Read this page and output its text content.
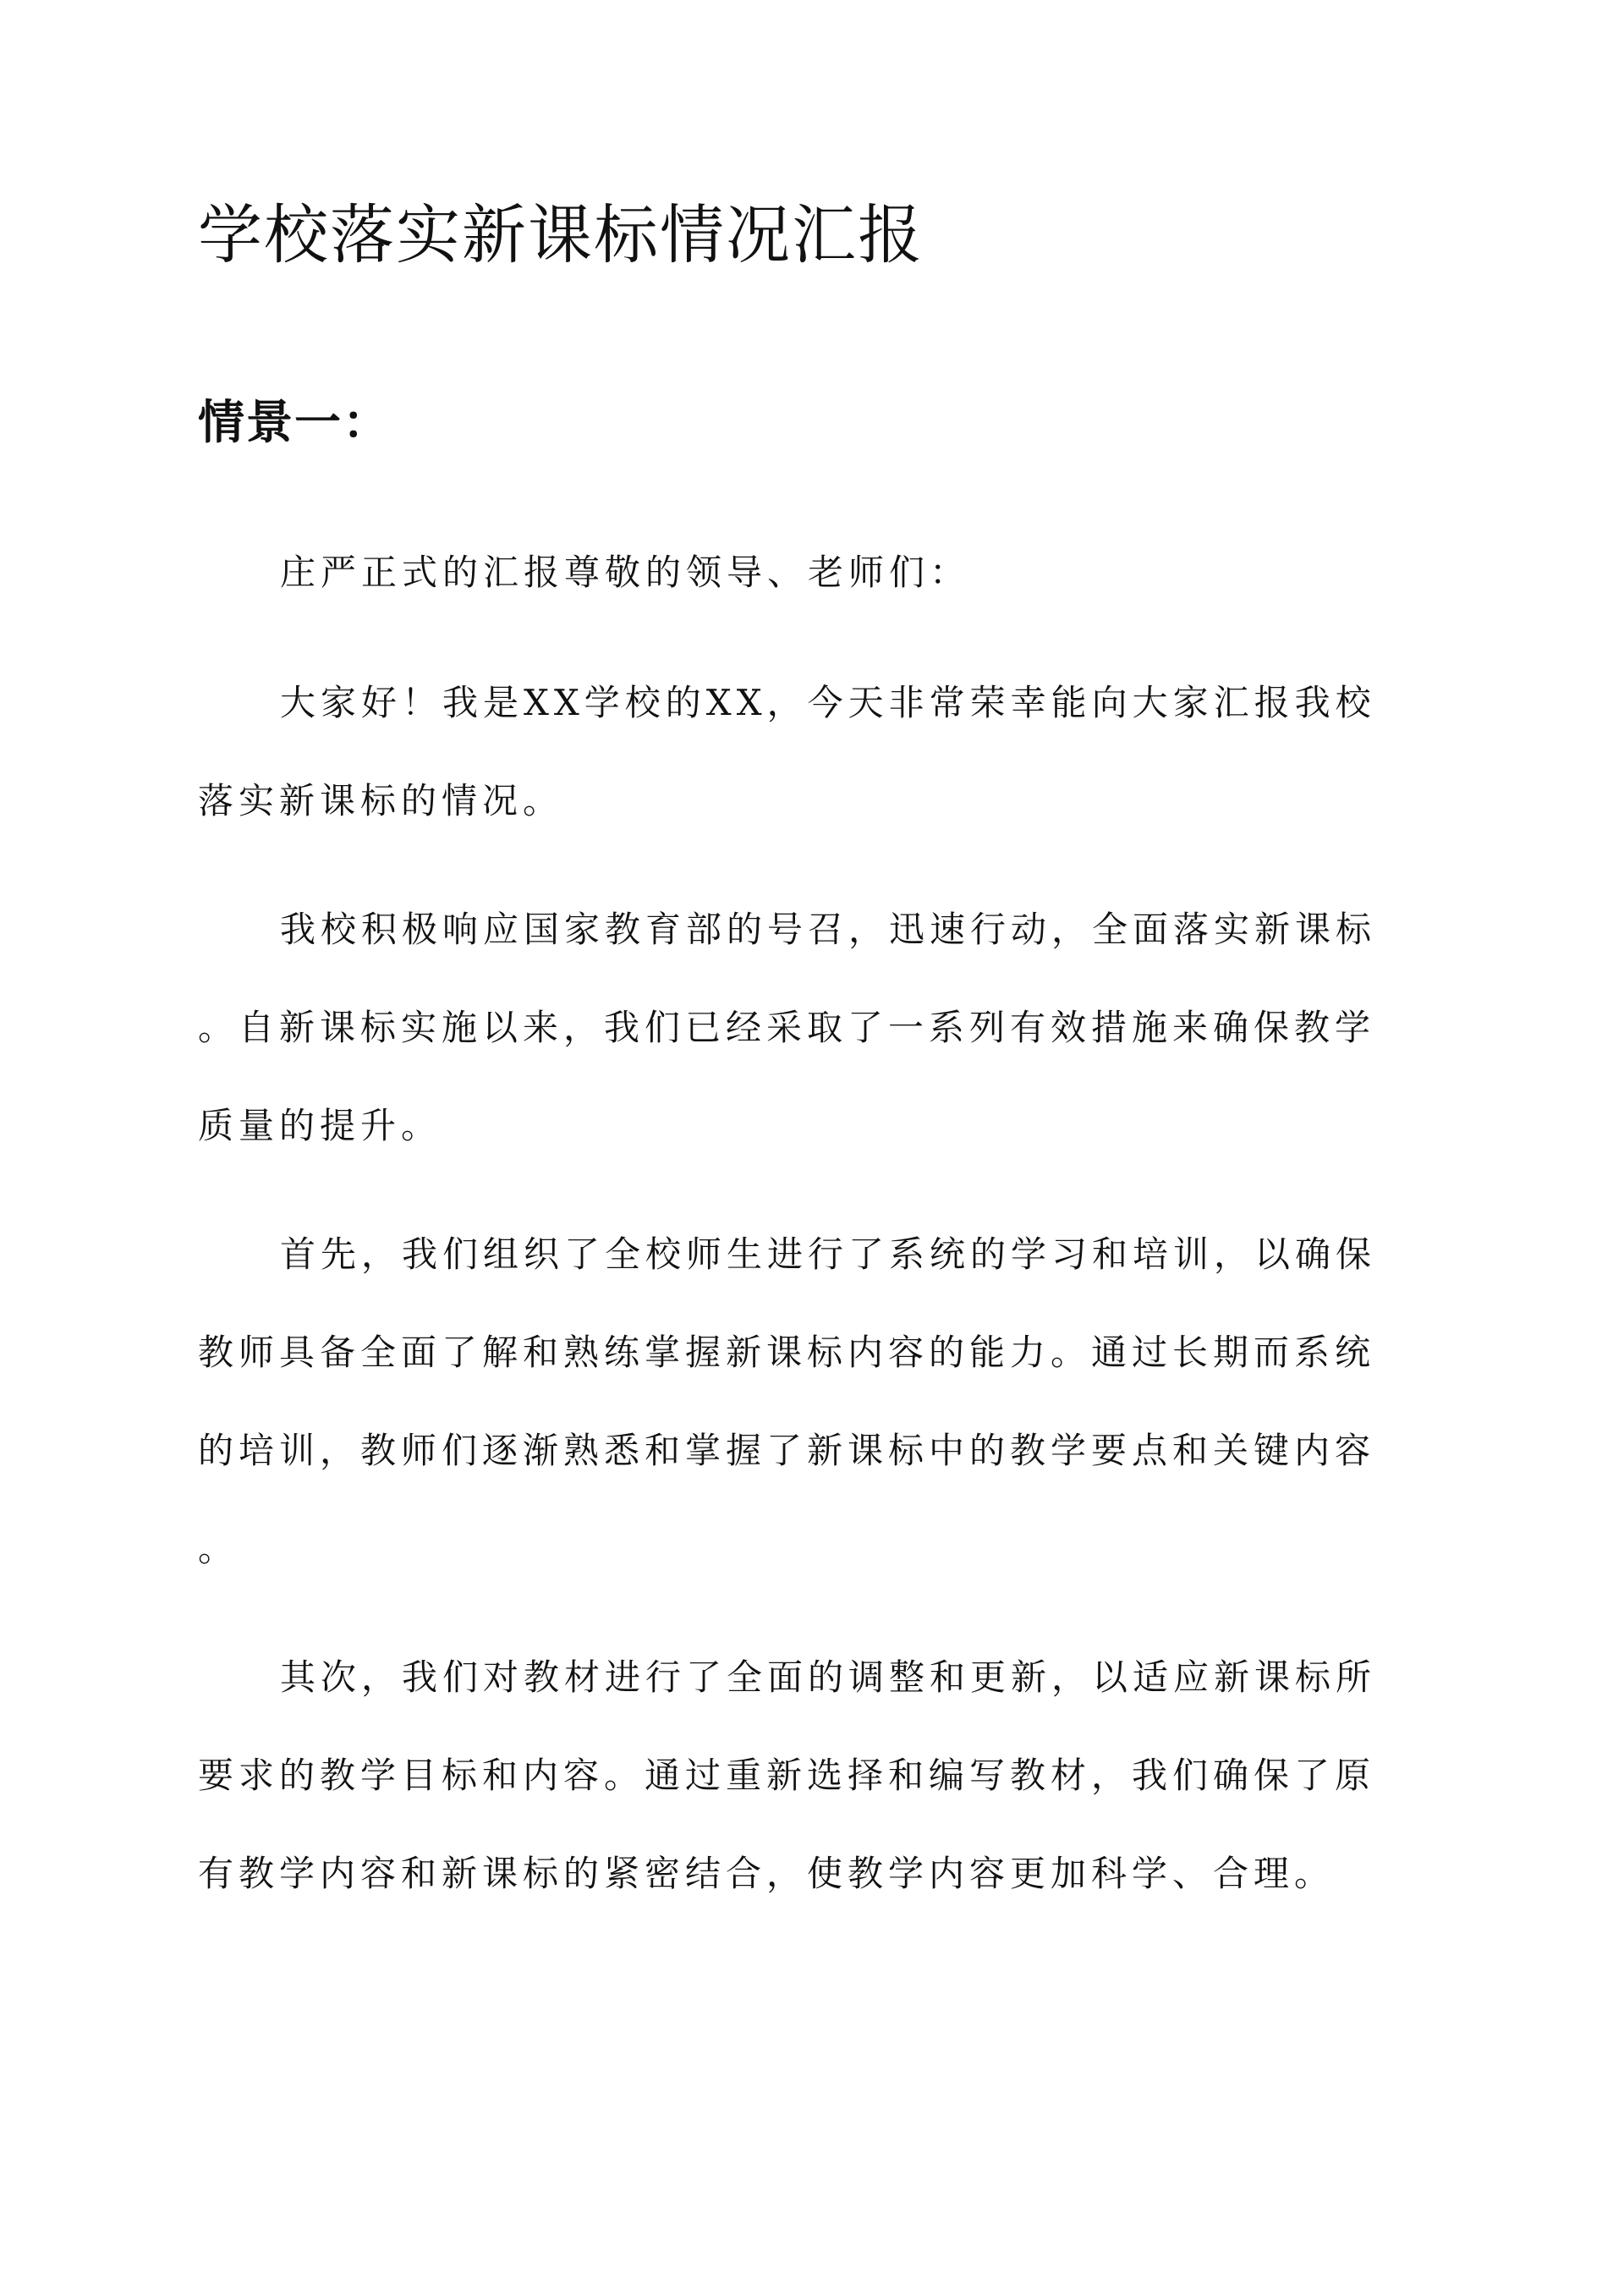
学校落实新课标情况汇报
情景一：

庄严正式的汇报尊敬的领导、老师们：

大家好！我是XX学校的XX，今天非常荣幸能向大家汇报我校

落实新课标的情况。

我校积极响应国家教育部的号召，迅速行动，全面落实新课标

。自新课标实施以来，我们已经采取了一系列有效措施来确保教学

质量的提升。

首先，我们组织了全校师生进行了系统的学习和培训，以确保

教师具备全面了解和熟练掌握新课标内容的能力。通过长期而系统

的培训，教师们逐渐熟悉和掌握了新课标中的教学要点和关键内容

。

其次，我们对教材进行了全面的调整和更新，以适应新课标所

要求的教学目标和内容。通过重新选择和编写教材，我们确保了原

有教学内容和新课标的紧密结合，使教学内容更加科学、合理。
